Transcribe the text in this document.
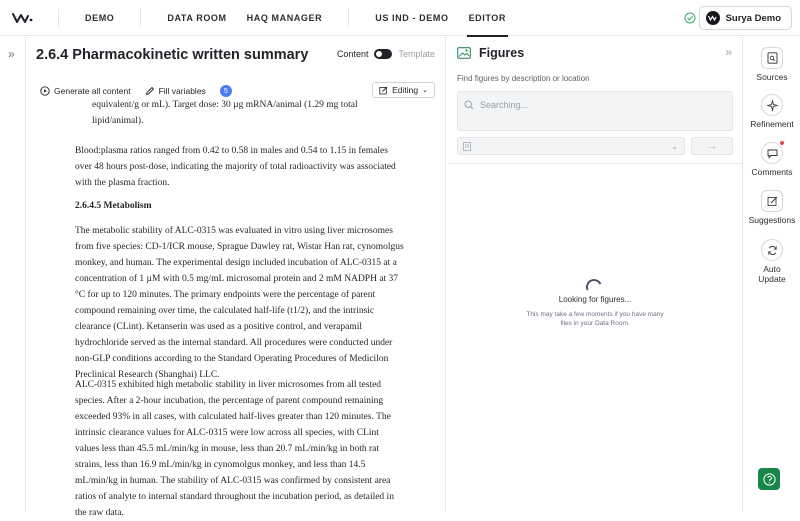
DEMO	DATA ROOM	HAQ MANAGER	US IND - DEMO	EDITOR	Surya Demo
» 2.6.4 Pharmacokinetic written summary	Content	Template
Generate all content	Fill variables	5	Editing ⌄
equivalent/g or mL). Target dose: 30 µg mRNA/animal (1.29 mg total
lipid/animal).
Blood:plasma ratios ranged from 0.42 to 0.58 in males and 0.54 to 1.15 in females over 48 hours post-dose, indicating the majority of total radioactivity was associated with the plasma fraction.
2.6.4.5 Metabolism
The metabolic stability of ALC-0315 was evaluated in vitro using liver microsomes from five species: CD-1/ICR mouse, Sprague Dawley rat, Wistar Han rat, cynomolgus monkey, and human. The experimental design included incubation of ALC-0315 at a concentration of 1 µM with 0.5 mg/mL microsomal protein and 2 mM NADPH at 37 °C for up to 120 minutes. The primary endpoints were the percentage of parent compound remaining over time, the calculated half-life (t1/2), and the intrinsic clearance (CLint). Ketanserin was used as a positive control, and verapamil hydrochloride served as the internal standard. All procedures were conducted under non-GLP conditions according to the Standard Operating Procedures of Medicilon Preclinical Research (Shanghai) LLC.
ALC-0315 exhibited high metabolic stability in liver microsomes from all tested species. After a 2-hour incubation, the percentage of parent compound remaining exceeded 93% in all cases, with calculated half-lives greater than 120 minutes. The intrinsic clearance values for ALC-0315 were low across all species, with CLint values less than 45.5 mL/min/kg in mouse, less than 20.7 mL/min/kg in both rat strains, less than 16.9 mL/min/kg in cynomolgus monkey, and less than 14.5 mL/min/kg in human. The stability of ALC-0315 was confirmed by consistent area ratios of analyte to internal standard throughout the incubation period, as detailed in the raw data.
Figures	»
Find figures by description or location
Searching...
⌄	→
Looking for figures...
This may take a few moments if you have many files in your Data Room.
Sources
Refinement
Comments
Suggestions
Auto Update
